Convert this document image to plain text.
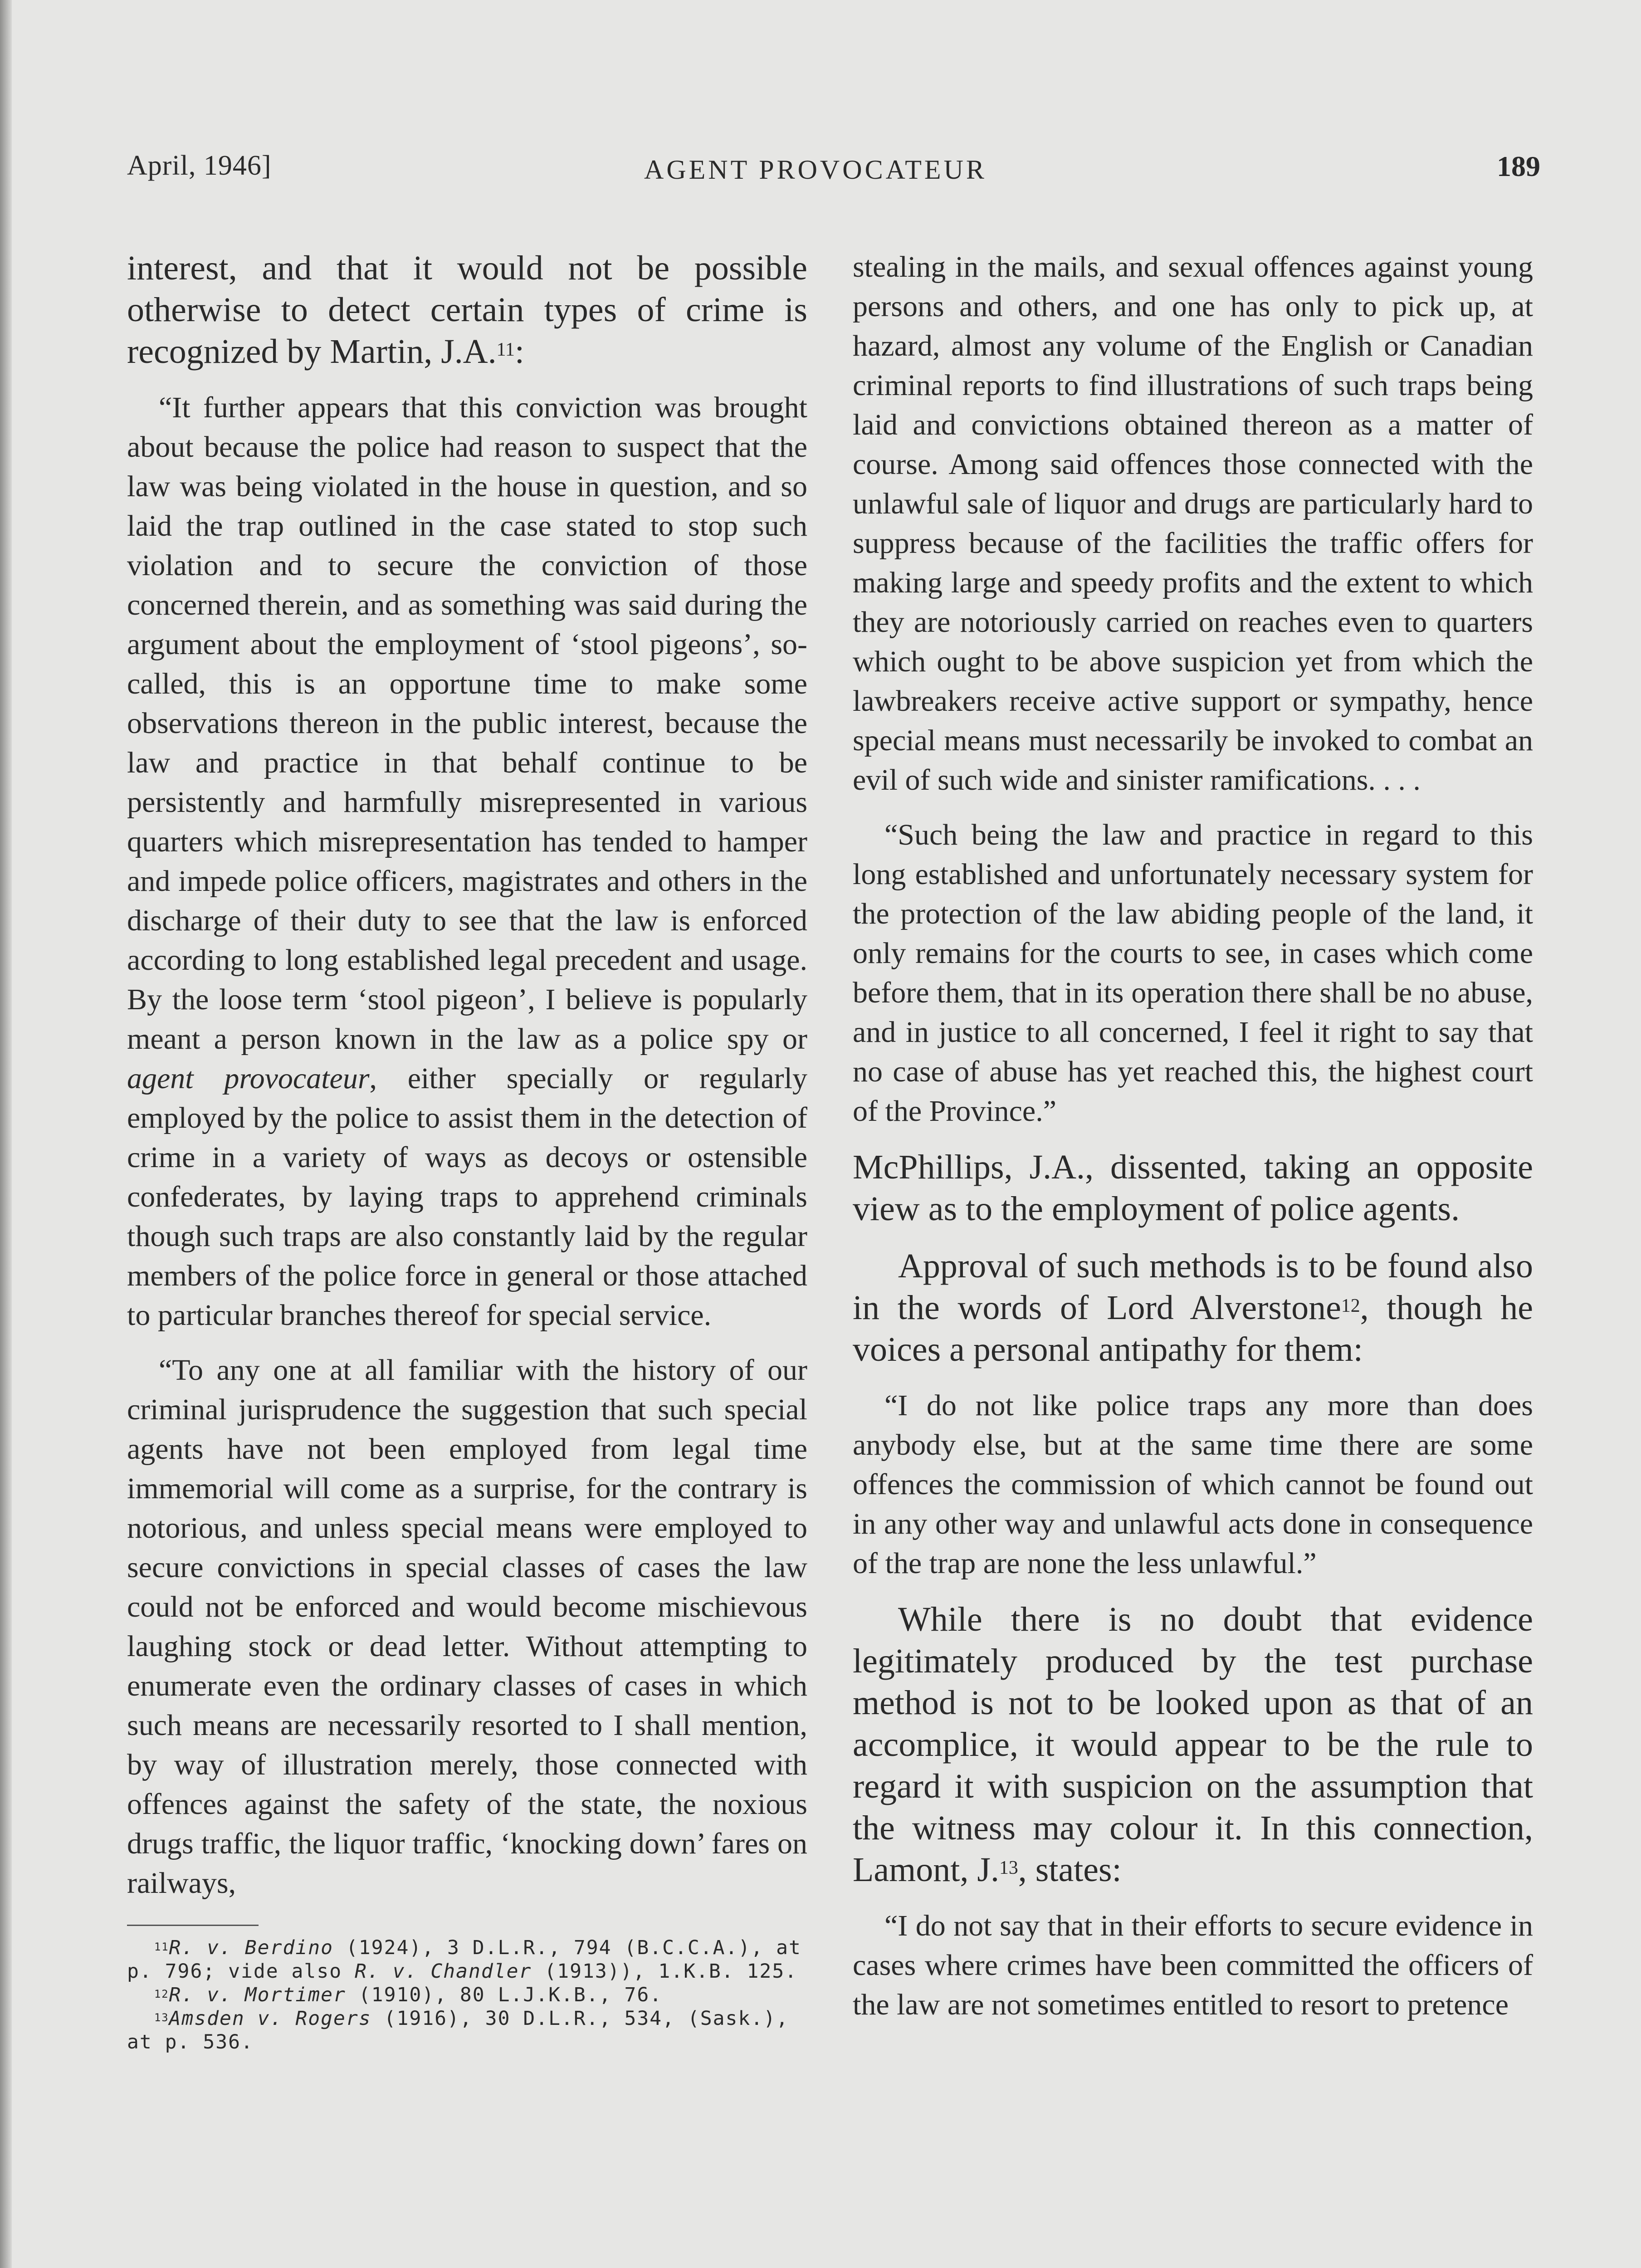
April, 1946]	AGENT PROVOCATEUR	189

interest, and that it would not be possible otherwise to detect certain types of crime is recognized by Martin, J.A.$^{11}$:

“It further appears that this conviction was brought about because the police had reason to suspect that the law was being violated in the house in question, and so laid the trap outlined in the case stated to stop such violation and to secure the conviction of those concerned therein, and as something was said during the argument about the employment of ‘stool pigeons’, so-called, this is an opportune time to make some observations thereon in the public interest, because the law and practice in that behalf continue to be persistently and harmfully misrepresented in various quarters which misrepresentation has tended to hamper and impede police officers, magistrates and others in the discharge of their duty to see that the law is enforced according to long established legal precedent and usage. By the loose term ‘stool pigeon’, I believe is popularly meant a person known in the law as a police spy or agent provocateur, either specially or regularly employed by the police to assist them in the detection of crime in a variety of ways as decoys or ostensible confederates, by laying traps to apprehend criminals though such traps are also constantly laid by the regular members of the police force in general or those attached to particular branches thereof for special service.

“To any one at all familiar with the history of our criminal jurisprudence the suggestion that such special agents have not been employed from legal time immemorial will come as a surprise, for the contrary is notorious, and unless special means were employed to secure convictions in special classes of cases the law could not be enforced and would become mischievous laughing stock or dead letter. Without attempting to enumerate even the ordinary classes of cases in which such means are necessarily resorted to I shall mention, by way of illustration merely, those connected with offences against the safety of the state, the noxious drugs traffic, the liquor traffic, ‘knocking down’ fares on railways,

$^{11}$R. v. Berdino (1924), 3 D.L.R., 794 (B.C.C.A.), at p. 796; vide also R. v. Chandler (1913)), 1.K.B. 125.

$^{12}$R. v. Mortimer (1910), 80 L.J.K.B., 76.

$^{13}$Amsden v. Rogers (1916), 30 D.L.R., 534, (Sask.), at p. 536.

stealing in the mails, and sexual offences against young persons and others, and one has only to pick up, at hazard, almost any volume of the English or Canadian criminal reports to find illustrations of such traps being laid and convictions obtained thereon as a matter of course. Among said offences those connected with the unlawful sale of liquor and drugs are particularly hard to suppress because of the facilities the traffic offers for making large and speedy profits and the extent to which they are notoriously carried on reaches even to quarters which ought to be above suspicion yet from which the lawbreakers receive active support or sympathy, hence special means must necessarily be invoked to combat an evil of such wide and sinister ramifications. . . .

“Such being the law and practice in regard to this long established and unfortunately necessary system for the protection of the law abiding people of the land, it only remains for the courts to see, in cases which come before them, that in its operation there shall be no abuse, and in justice to all concerned, I feel it right to say that no case of abuse has yet reached this, the highest court of the Province.”

McPhillips, J.A., dissented, taking an opposite view as to the employment of police agents.

Approval of such methods is to be found also in the words of Lord Alverstone$^{12}$, though he voices a personal antipathy for them:

“I do not like police traps any more than does anybody else, but at the same time there are some offences the commission of which cannot be found out in any other way and unlawful acts done in consequence of the trap are none the less unlawful.”

While there is no doubt that evidence legitimately produced by the test purchase method is not to be looked upon as that of an accomplice, it would appear to be the rule to regard it with suspicion on the assumption that the witness may colour it. In this connection, Lamont, J.$^{13}$, states:

“I do not say that in their efforts to secure evidence in cases where crimes have been committed the officers of the law are not sometimes entitled to resort to pretence
